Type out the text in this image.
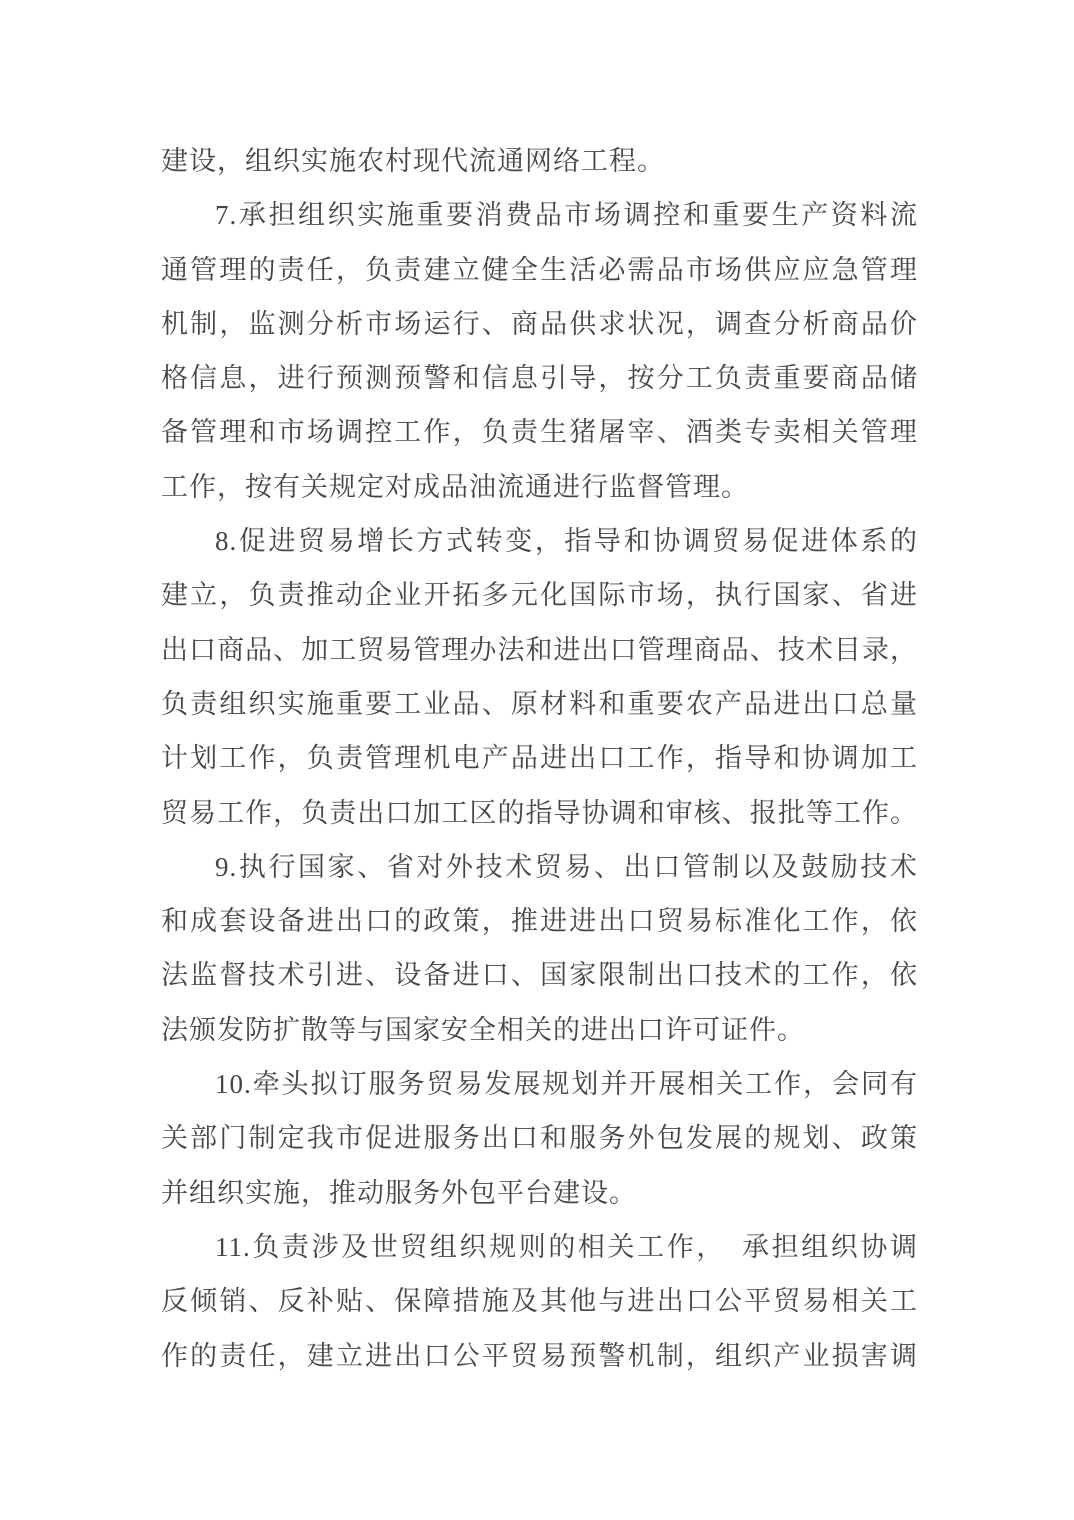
建设，组织实施农村现代流通网络工程。
7.承担组织实施重要消费品市场调控和重要生产资料流
通管理的责任，负责建立健全生活必需品市场供应应急管理
机制，监测分析市场运行、商品供求状况，调查分析商品价
格信息，进行预测预警和信息引导，按分工负责重要商品储
备管理和市场调控工作，负责生猪屠宰、酒类专卖相关管理
工作，按有关规定对成品油流通进行监督管理。
8.促进贸易增长方式转变，指导和协调贸易促进体系的
建立，负责推动企业开拓多元化国际市场，执行国家、省进
出口商品、加工贸易管理办法和进出口管理商品、技术目录，
负责组织实施重要工业品、原材料和重要农产品进出口总量
计划工作，负责管理机电产品进出口工作，指导和协调加工
贸易工作，负责出口加工区的指导协调和审核、报批等工作。
9.执行国家、省对外技术贸易、出口管制以及鼓励技术
和成套设备进出口的政策，推进进出口贸易标准化工作，依
法监督技术引进、设备进口、国家限制出口技术的工作，依
法颁发防扩散等与国家安全相关的进出口许可证件。
10.牵头拟订服务贸易发展规划并开展相关工作，会同有
关部门制定我市促进服务出口和服务外包发展的规划、政策
并组织实施，推动服务外包平台建设。
11.负责涉及世贸组织规则的相关工作，　承担组织协调
反倾销、反补贴、保障措施及其他与进出口公平贸易相关工
作的责任，建立进出口公平贸易预警机制，组织产业损害调
